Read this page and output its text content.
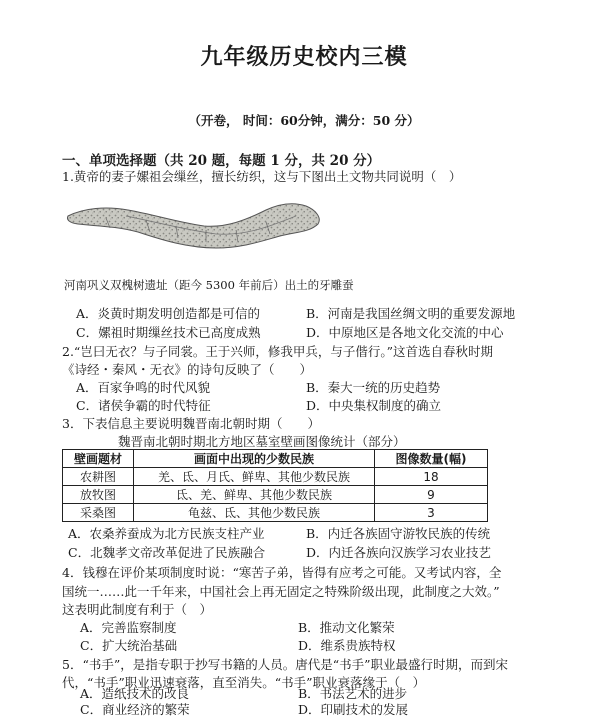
九年级历史校内三模
（开卷， 时间：60分钟，满分：50 分）
一、单项选择题（共 20 题，每题 1 分，共 20 分）
1.黄帝的妻子嫘祖会缫丝，擅长纺织，这与下图出土文物共同说明（　）
河南巩义双槐树遗址（距今 5300 年前后）出土的牙雕蚕
A．炎黄时期发明创造都是可信的	B．河南是我国丝绸文明的重要发源地
C．嫘祖时期缫丝技术已高度成熟	D．中原地区是各地文化交流的中心
2.“岂曰无衣？与子同裳。王于兴师，修我甲兵，与子偕行。”这首选自春秋时期
《诗经・秦风・无衣》的诗句反映了（　　）
A．百家争鸣的时代风貌	B．秦大一统的历史趋势
C．诸侯争霸的时代特征	D．中央集权制度的确立
3．下表信息主要说明魏晋南北朝时期（　　）
魏晋南北朝时期北方地区墓室壁画图像统计（部分）
壁画题材	画面中出现的少数民族	图像数量(幅)
农耕图	羌、氐、月氏、鲜卑、其他少数民族	18
放牧图	氐、羌、鲜卑、其他少数民族	9
采桑图	龟兹、氐、其他少数民族	3
A．农桑养蚕成为北方民族支柱产业	B．内迁各族固守游牧民族的传统
C．北魏孝文帝改革促进了民族融合	D．内迁各族向汉族学习农业技艺
4．钱穆在评价某项制度时说：“寒苦子弟，皆得有应考之可能。又考试内容，全
国统一……此一千年来，中国社会上再无固定之特殊阶级出现，此制度之大效。”
这表明此制度有利于（　）
A．完善监察制度	B．推动文化繁荣
C．扩大统治基础	D．维系贵族特权
5．“书手”，是指专职于抄写书籍的人员。唐代是“书手”职业最盛行时期，而到宋
代，“书手”职业迅速衰落，直至消失。“书手”职业衰落缘于（　）
A．造纸技术的改良	B．书法艺术的进步
C．商业经济的繁荣	D．印刷技术的发展
